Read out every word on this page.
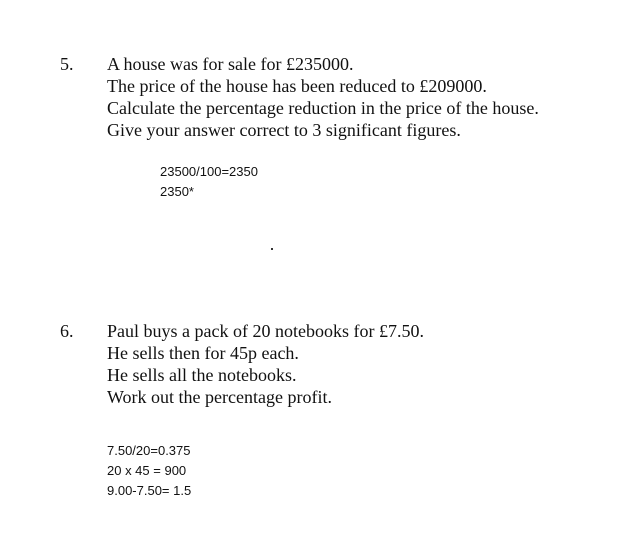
5. A house was for sale for £235000.
The price of the house has been reduced to £209000.
Calculate the percentage reduction in the price of the house.
Give your answer correct to 3 significant figures.
23500/100=2350
2350*
6. Paul buys a pack of 20 notebooks for £7.50.
He sells then for 45p each.
He sells all the notebooks.
Work out the percentage profit.
7.50/20=0.375
20 x 45 = 900
9.00-7.50= 1.5
